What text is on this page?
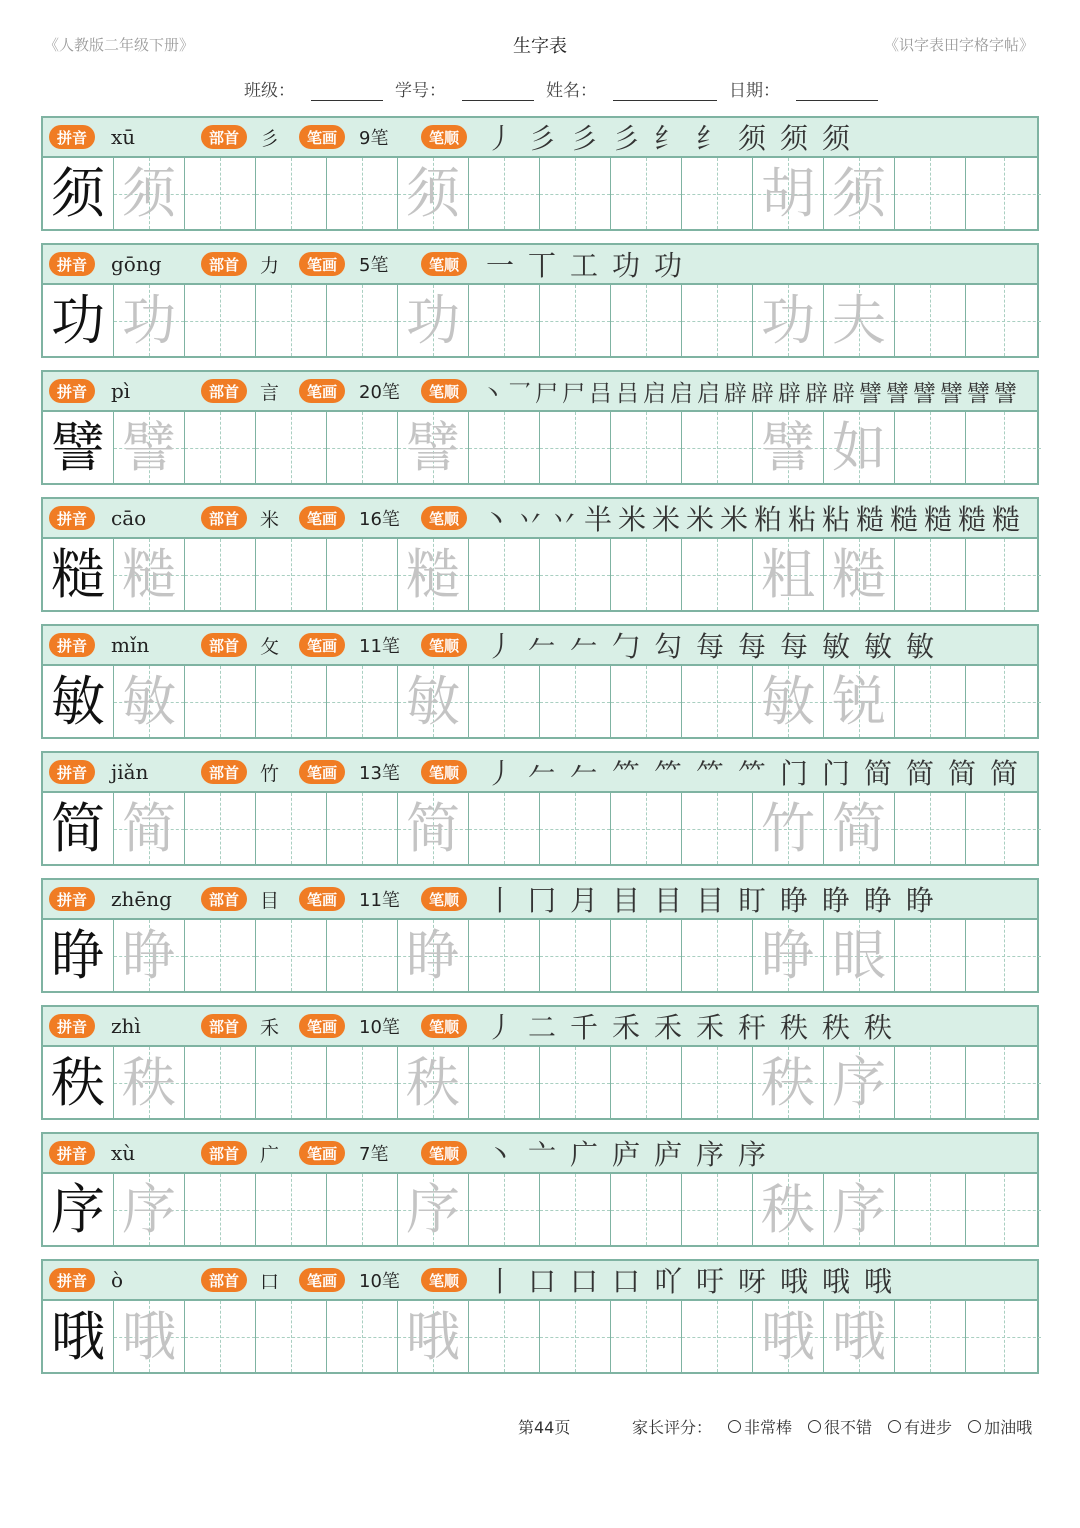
《人教版二年级下册》	生字表	《识字表田字格字帖》
班级：	学号：	姓名：	日期：
拼音	xū	部首	彡	笔画	9笔	笔顺 丿 彡 彡 彡 纟 纟 须 须 须
须 须	须	胡 须
拼音	gōng	部首	力	笔画	5笔	笔顺 一 丅 工 功 功
功 功	功	功 夫
拼音	pì	部首	言	笔画	20笔	笔顺 丶 乛 尸 尸 吕 吕 启 启 启 辟 辟 辟 辟 辟 譬 譬 譬 譬 譬 譬
譬 譬	譬	譬 如
拼音	cāo	部首	米	笔画	16笔	笔顺 丶 丷 丷 半 米 米 米 米 粕 粘 粘 糙 糙 糙 糙 糙
糙 糙	糙	粗 糙
拼音	mǐn	部首	攵	笔画	11笔	笔顺 丿 𠂉 𠂉 勹 勾 每 每 每 敏 敏 敏
敏 敏	敏	敏 锐
拼音	jiǎn	部首	竹	笔画	13笔	笔顺 丿 𠂉 𠂉 ⺮ ⺮ ⺮ ⺮ 门 门 简 简 简 简
简 简	简	竹 简
拼音	zhēng	部首	目	笔画	11笔	笔顺 丨 冂 月 目 目 目 盯 睁 睁 睁 睁
睁 睁	睁	睁 眼
拼音	zhì	部首	禾	笔画	10笔	笔顺 丿 二 千 禾 禾 禾 秆 秩 秩 秩
秩 秩	秩	秩 序
拼音	xù	部首	广	笔画	7笔	笔顺 丶 亠 广 庐 庐 序 序
序 序	序	秩 序
拼音	ò	部首	口	笔画	10笔	笔顺 丨 口 口 口 吖 吁 呀 哦 哦 哦
哦 哦	哦	哦 哦
第44页	家长评分：	非常棒	很不错	有进步	加油哦
